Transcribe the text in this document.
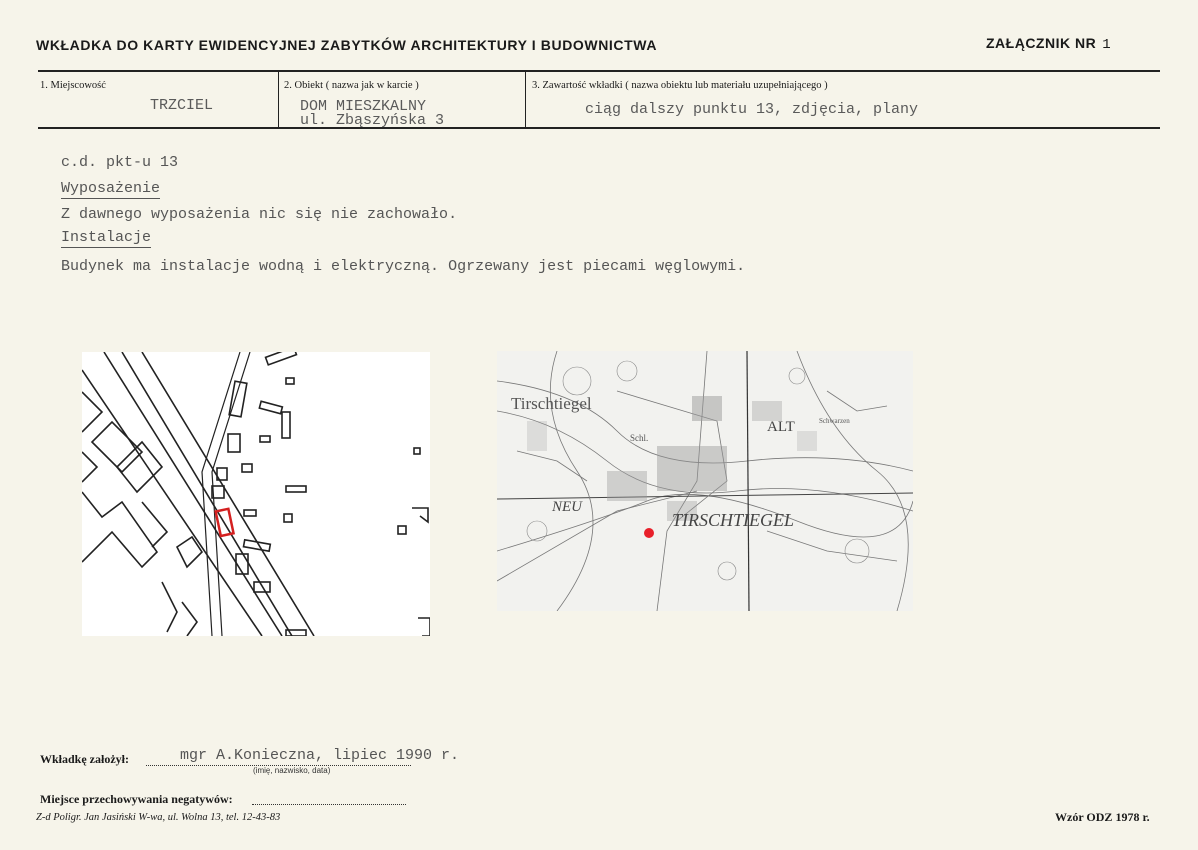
WKŁADKA DO KARTY EWIDENCYJNEJ ZABYTKÓW ARCHITEKTURY I BUDOWNICTWA	ZAŁĄCZNIK NR 1
1. Miejscowość
TRZCIEL
2. Obiekt ( nazwa jak w karcie )
DOM MIESZKALNY
ul. Zbąszyńska 3
3. Zawartość wkładki ( nazwa obiektu lub materiału uzupełniającego )
ciąg dalszy punktu 13, zdjęcia, plany
c.d. pkt-u 13
Wyposażenie
Z dawnego wyposażenia nic się nie zachowało.
Instalacje
Budynek ma instalacje wodną i elektryczną. Ogrzewany jest piecami węglowymi.
Tirschtiegel
ALT
NEU
TIRSCHTIEGEL
Schl.
Schwarzen
Wkładkę założył:	mgr A.Konieczna, lipiec 1990 r.
(imię, nazwisko, data)
Miejsce przechowywania negatywów:
Z-d Poligr. Jan Jasiński W-wa, ul. Wolna 13, tel. 12-43-83	Wzór ODZ 1978 r.
